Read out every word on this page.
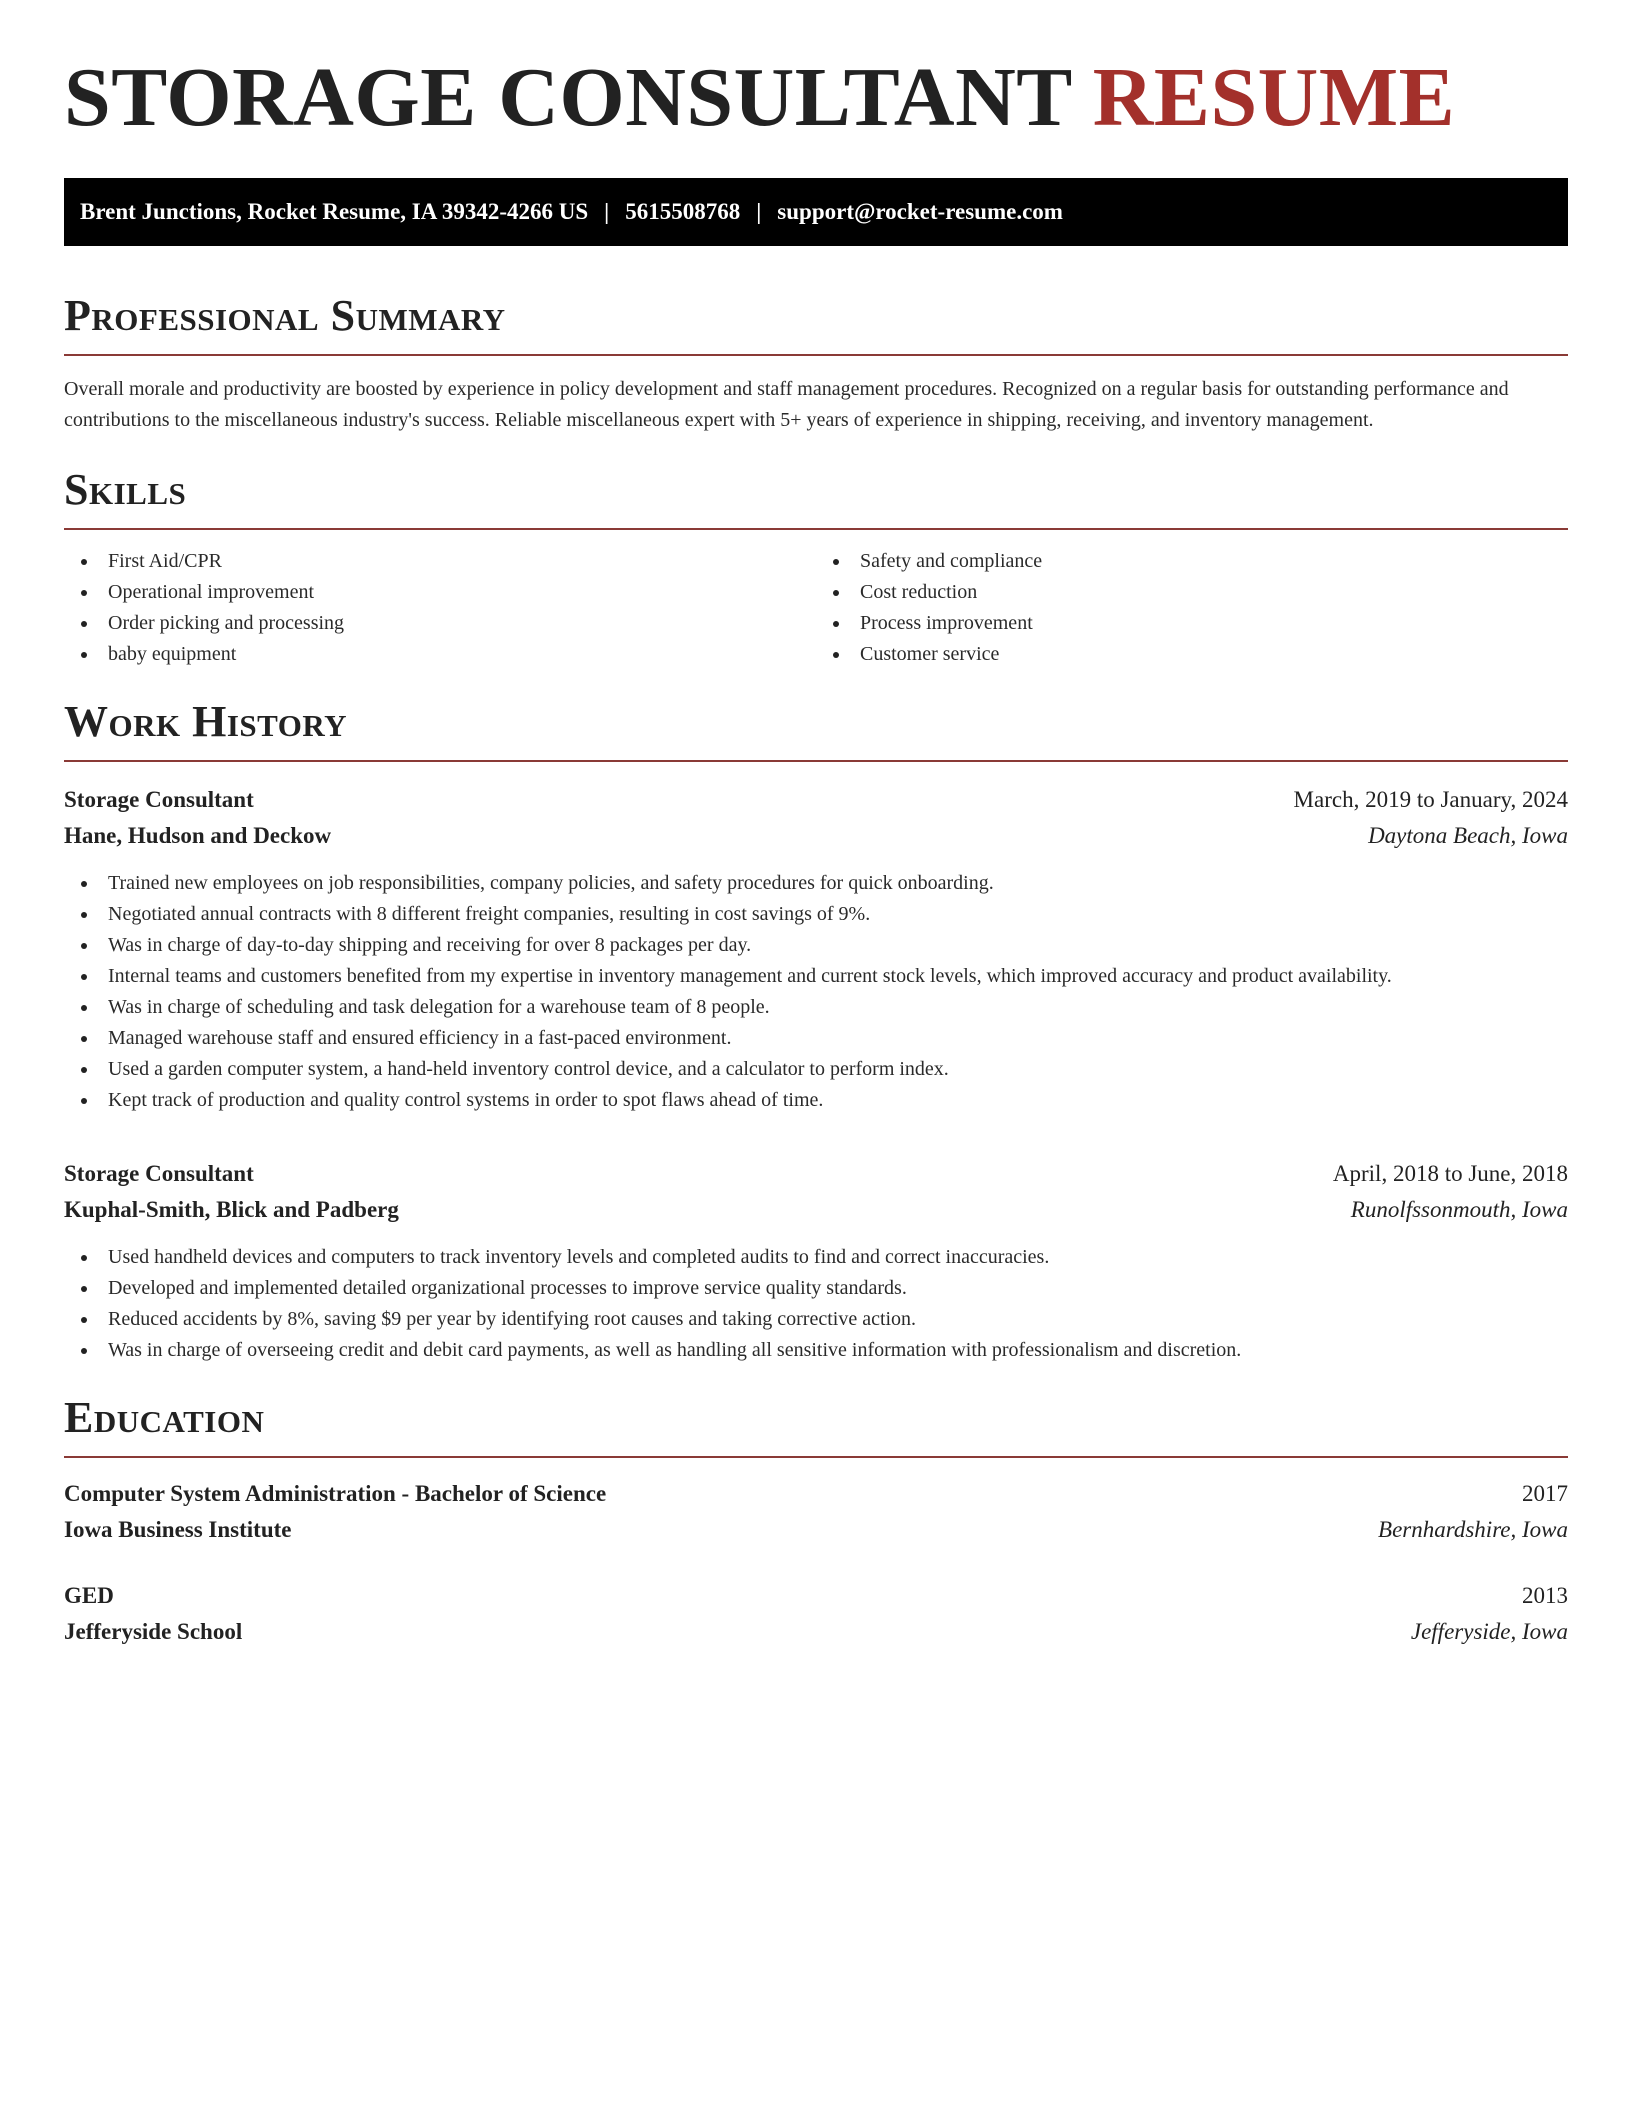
STORAGE CONSULTANT RESUME
Brent Junctions, Rocket Resume, IA 39342-4266 US | 5615508768 | support@rocket-resume.com
Professional Summary

Overall morale and productivity are boosted by experience in policy development and staff management procedures. Recognized on a regular basis for outstanding performance and contributions to the miscellaneous industry's success. Reliable miscellaneous expert with 5+ years of experience in shipping, receiving, and inventory management.

Skills
First Aid/CPR
Operational improvement
Order picking and processing
baby equipment
Safety and compliance
Cost reduction
Process improvement
Customer service
Work History
Storage Consultant	March, 2019 to January, 2024
Hane, Hudson and Deckow	Daytona Beach, Iowa
Trained new employees on job responsibilities, company policies, and safety procedures for quick onboarding.
Negotiated annual contracts with 8 different freight companies, resulting in cost savings of 9%.
Was in charge of day-to-day shipping and receiving for over 8 packages per day.
Internal teams and customers benefited from my expertise in inventory management and current stock levels, which improved accuracy and product availability.
Was in charge of scheduling and task delegation for a warehouse team of 8 people.
Managed warehouse staff and ensured efficiency in a fast-paced environment.
Used a garden computer system, a hand-held inventory control device, and a calculator to perform index.
Kept track of production and quality control systems in order to spot flaws ahead of time.
Storage Consultant	April, 2018 to June, 2018
Kuphal-Smith, Blick and Padberg	Runolfssonmouth, Iowa
Used handheld devices and computers to track inventory levels and completed audits to find and correct inaccuracies.
Developed and implemented detailed organizational processes to improve service quality standards.
Reduced accidents by 8%, saving $9 per year by identifying root causes and taking corrective action.
Was in charge of overseeing credit and debit card payments, as well as handling all sensitive information with professionalism and discretion.
Education
Computer System Administration - Bachelor of Science	2017
Iowa Business Institute	Bernhardshire, Iowa
GED	2013
Jefferyside School	Jefferyside, Iowa
